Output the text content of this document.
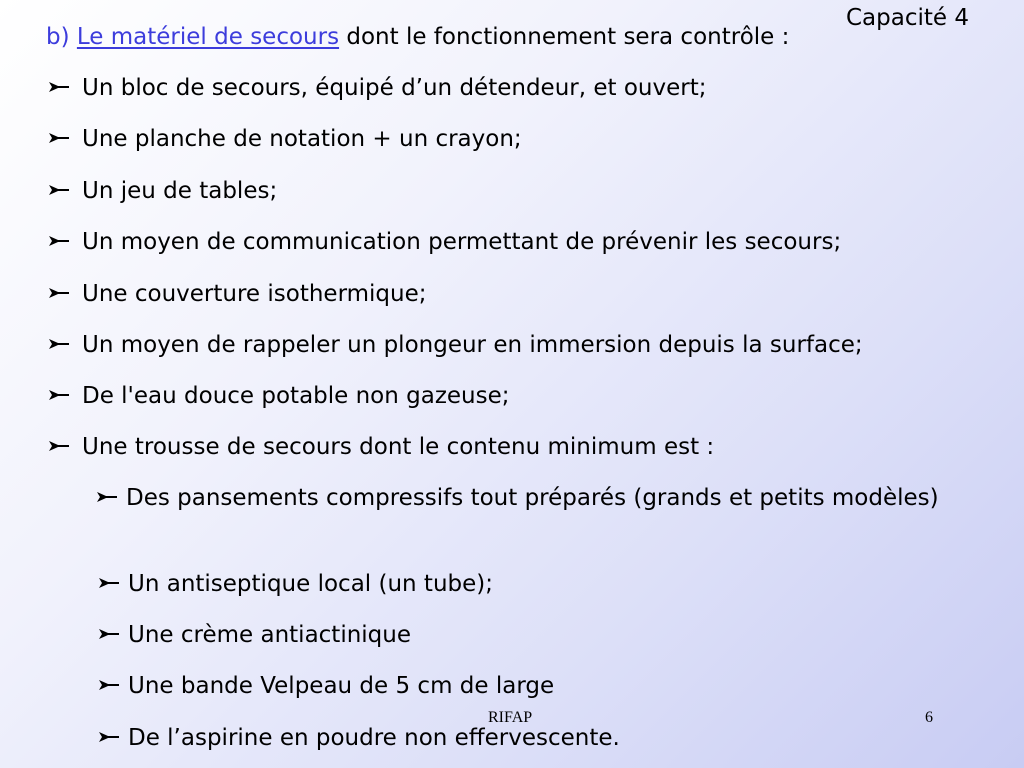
Capacité 4
b) Le matériel de secours dont le fonctionnement sera contrôle :
Un bloc de secours, équipé d’un détendeur, et ouvert;
Une planche de notation + un crayon;
Un jeu de tables;
Un moyen de communication permettant de prévenir les secours;
Une couverture isothermique;
Un moyen de rappeler un plongeur en immersion depuis la surface;
De l'eau douce potable non gazeuse;
Une trousse de secours dont le contenu minimum est :
Des pansements compressifs tout préparés (grands et petits modèles)
Un antiseptique local (un tube);
Une crème antiactinique
Une bande Velpeau de 5 cm de large
De l’aspirine en poudre non effervescente.
RIFAP	6
